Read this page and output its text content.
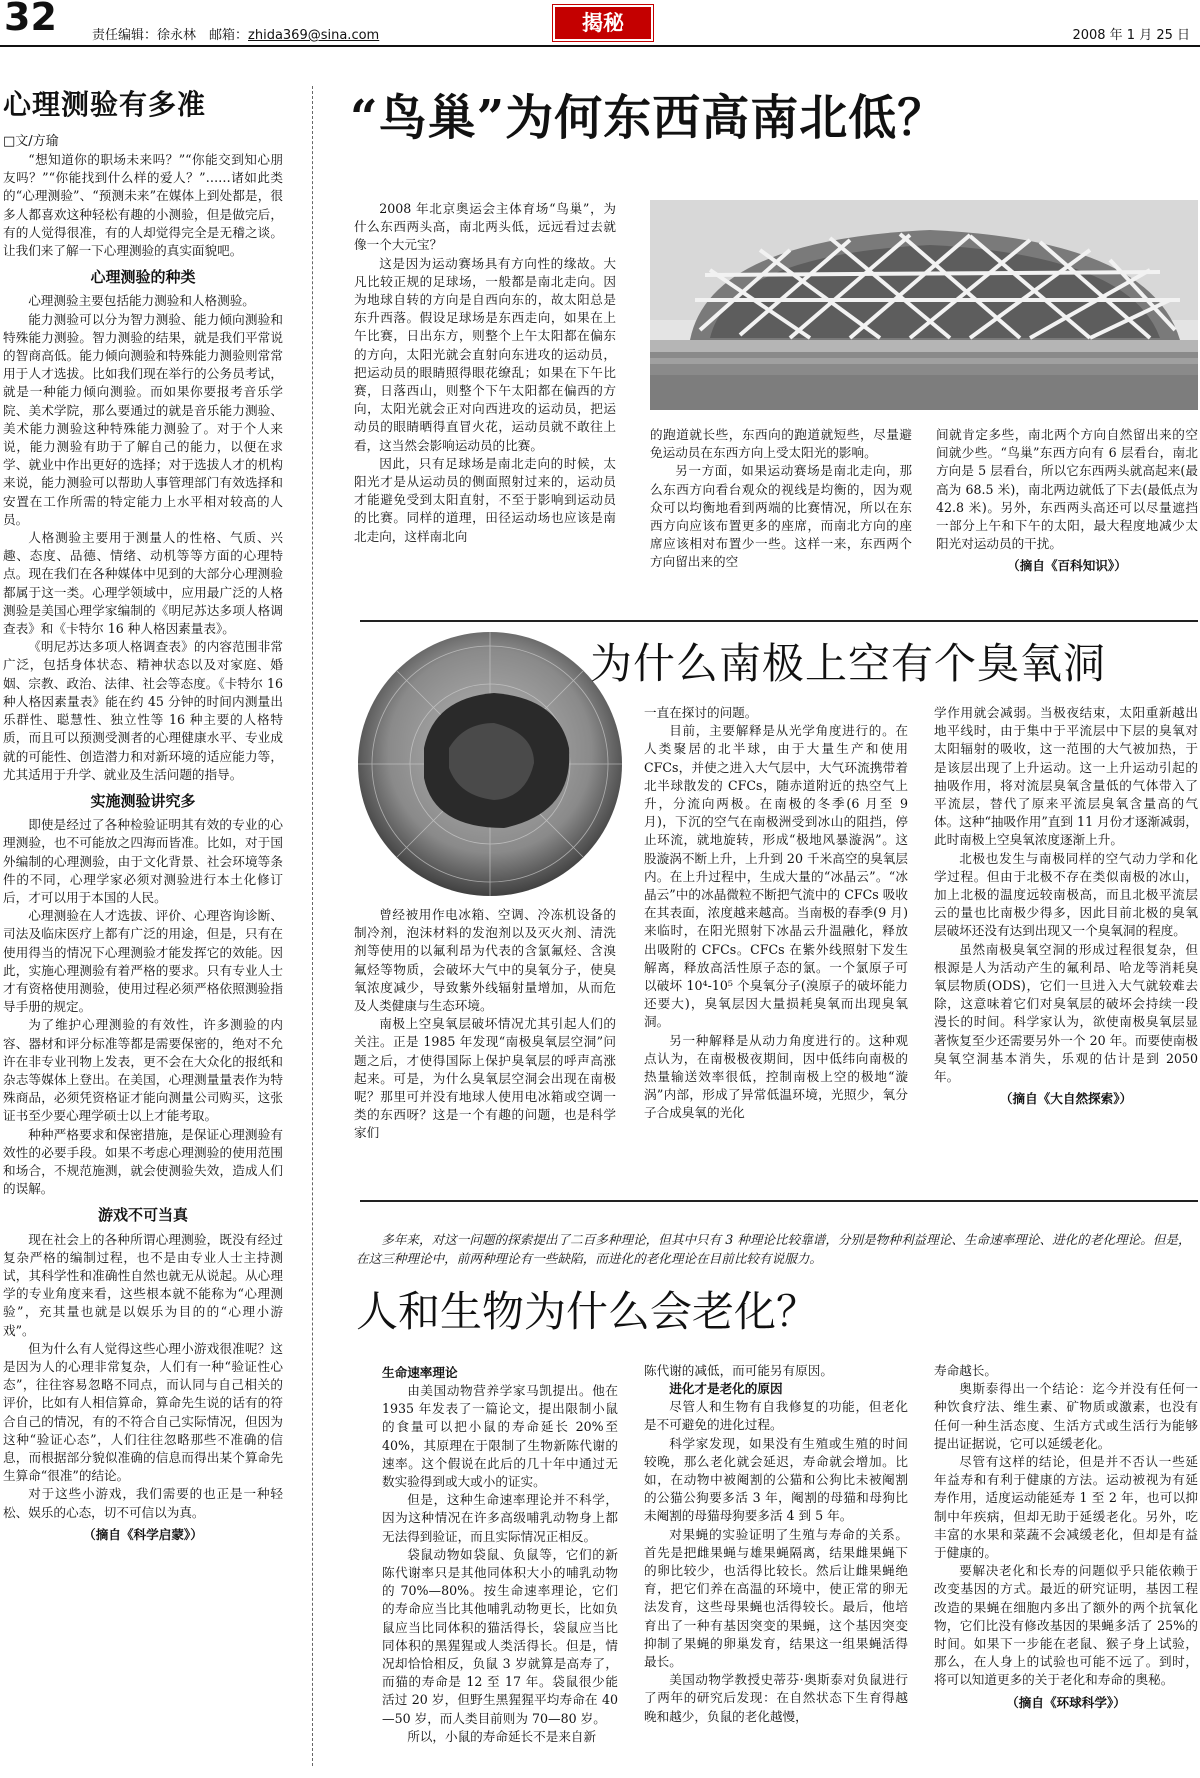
32	责任编辑：徐永林　邮箱：zhida369@sina.com
揭秘
2008 年 1 月 25 日
心理测验有多准
□文/方瑜

“想知道你的职场未来吗？”“你能交到知心朋友吗？”“你能找到什么样的爱人？”……诸如此类的“心理测验”、“预测未来”在媒体上到处都是，很多人都喜欢这种轻松有趣的小测验，但是做完后，有的人觉得很准，有的人却觉得完全是无稽之谈。让我们来了解一下心理测验的真实面貌吧。

心理测验的种类

心理测验主要包括能力测验和人格测验。

能力测验可以分为智力测验、能力倾向测验和特殊能力测验。智力测验的结果，就是我们平常说的智商高低。能力倾向测验和特殊能力测验则常常用于人才选拔。比如我们现在举行的公务员考试，就是一种能力倾向测验。而如果你要报考音乐学院、美术学院，那么要通过的就是音乐能力测验、美术能力测验这种特殊能力测验了。对于个人来说，能力测验有助于了解自己的能力，以便在求学、就业中作出更好的选择；对于选拔人才的机构来说，能力测验可以帮助人事管理部门有效选择和安置在工作所需的特定能力上水平相对较高的人员。

人格测验主要用于测量人的性格、气质、兴趣、态度、品德、情绪、动机等等方面的心理特点。现在我们在各种媒体中见到的大部分心理测验都属于这一类。心理学领域中，应用最广泛的人格测验是美国心理学家编制的《明尼苏达多项人格调查表》和《卡特尔 16 种人格因素量表》。

《明尼苏达多项人格调查表》的内容范围非常广泛，包括身体状态、精神状态以及对家庭、婚姻、宗教、政治、法律、社会等态度。《卡特尔 16 种人格因素量表》能在约 45 分钟的时间内测量出乐群性、聪慧性、独立性等 16 种主要的人格特质，而且可以预测受测者的心理健康水平、专业成就的可能性、创造潜力和对新环境的适应能力等，尤其适用于升学、就业及生活问题的指导。

实施测验讲究多

即使是经过了各种检验证明其有效的专业的心理测验，也不可能放之四海而皆准。比如，对于国外编制的心理测验，由于文化背景、社会环境等条件的不同，心理学家必须对测验进行本土化修订后，才可以用于本国的人民。

心理测验在人才选拔、评价、心理咨询诊断、司法及临床医疗上都有广泛的用途，但是，只有在使用得当的情况下心理测验才能发挥它的效能。因此，实施心理测验有着严格的要求。只有专业人士才有资格使用测验，使用过程必须严格依照测验指导手册的规定。

为了维护心理测验的有效性，许多测验的内容、器材和评分标准等都是需要保密的，绝对不允许在非专业刊物上发表，更不会在大众化的报纸和杂志等媒体上登出。在美国，心理测量量表作为特殊商品，必须凭资格证才能向测量公司购买，这张证书至少要心理学硕士以上才能考取。

种种严格要求和保密措施，是保证心理测验有效性的必要手段。如果不考虑心理测验的使用范围和场合，不规范施测，就会使测验失效，造成人们的误解。

游戏不可当真

现在社会上的各种所谓心理测验，既没有经过复杂严格的编制过程，也不是由专业人士主持测试，其科学性和准确性自然也就无从说起。从心理学的专业角度来看，这些根本就不能称为“心理测验”，充其量也就是以娱乐为目的的“心理小游戏”。

但为什么有人觉得这些心理小游戏很准呢？这是因为人的心理非常复杂，人们有一种“验证性心态”，往往容易忽略不同点，而认同与自己相关的评价，比如有人相信算命，算命先生说的话有的符合自己的情况，有的不符合自己实际情况，但因为这种“验证心态”，人们往往忽略那些不准确的信息，而根据部分貌似准确的信息而得出某个算命先生算命“很准”的结论。

对于这些小游戏，我们需要的也正是一种轻松、娱乐的心态，切不可信以为真。

（摘自《科学启蒙》）
“鸟巢”为何东西高南北低？

2008 年北京奥运会主体育场“鸟巢”，为什么东西两头高，南北两头低，远远看过去就像一个大元宝？

这是因为运动赛场具有方向性的缘故。大凡比较正规的足球场，一般都是南北走向。因为地球自转的方向是自西向东的，故太阳总是东升西落。假设足球场是东西走向，如果在上午比赛，日出东方，则整个上午太阳都在偏东的方向，太阳光就会直射向东进攻的运动员，把运动员的眼睛照得眼花缭乱；如果在下午比赛，日落西山，则整个下午太阳都在偏西的方向，太阳光就会正对向西进攻的运动员，把运动员的眼睛晒得直冒火花，运动员就不敢往上看，这当然会影响运动员的比赛。

因此，只有足球场是南北走向的时候，太阳光才是从运动员的侧面照射过来的，运动员才能避免受到太阳直射，不至于影响到运动员的比赛。同样的道理，田径运动场也应该是南北走向，这样南北向

的跑道就长些，东西向的跑道就短些，尽量避免运动员在东西方向上受太阳光的影响。

另一方面，如果运动赛场是南北走向，那么东西方向看台观众的视线是均衡的，因为观众可以均衡地看到两端的比赛情况，所以在东西方向应该布置更多的座席，而南北方向的座席应该相对布置少一些。这样一来，东西两个方向留出来的空

间就肯定多些，南北两个方向自然留出来的空间就少些。“鸟巢”东西方向有 6 层看台，南北方向是 5 层看台，所以它东西两头就高起来(最高为 68.5 米)，南北两边就低了下去(最低点为 42.8 米)。另外，东西两头高还可以尽量遮挡一部分上午和下午的太阳，最大程度地减少太阳光对运动员的干扰。

（摘自《百科知识》）
为什么南极上空有个臭氧洞

曾经被用作电冰箱、空调、冷冻机设备的制冷剂，泡沫材料的发泡剂以及灭火剂、清洗剂等使用的以氟利昂为代表的含氯氟烃、含溴氟烃等物质，会破坏大气中的臭氧分子，使臭氧浓度减少，导致紫外线辐射量增加，从而危及人类健康与生态环境。

南极上空臭氧层破坏情况尤其引起人们的关注。正是 1985 年发现“南极臭氧层空洞”问题之后，才使得国际上保护臭氧层的呼声高涨起来。可是，为什么臭氧层空洞会出现在南极呢？那里可并没有地球人使用电冰箱或空调一类的东西呀？这是一个有趣的问题，也是科学家们

一直在探讨的问题。

目前，主要解释是从光学角度进行的。在人类聚居的北半球，由于大量生产和使用 CFCs，并使之进入大气层中，大气环流携带着北半球散发的 CFCs，随赤道附近的热空气上升，分流向两极。在南极的冬季(6 月至 9 月)，下沉的空气在南极洲受到冰山的阻挡，停止环流，就地旋转，形成“极地风暴漩涡”。这股漩涡不断上升，上升到 20 千米高空的臭氧层内。在上升过程中，生成大量的“冰晶云”。“冰晶云”中的冰晶微粒不断把气流中的 CFCs 吸收在其表面，浓度越来越高。当南极的春季(9 月)来临时，在阳光照射下冰晶云升温融化，释放出吸附的 CFCs。CFCs 在紫外线照射下发生解离，释放高活性原子态的氯。一个氯原子可以破坏 10⁴-10⁵ 个臭氧分子(溴原子的破坏能力还要大)，臭氧层因大量损耗臭氧而出现臭氧洞。

另一种解释是从动力角度进行的。这种观点认为，在南极极夜期间，因中低纬向南极的热量输送效率很低，控制南极上空的极地“漩涡”内部，形成了异常低温环境，光照少，氧分子合成臭氧的光化

学作用就会减弱。当极夜结束，太阳重新越出地平线时，由于集中于平流层中下层的臭氧对太阳辐射的吸收，这一范围的大气被加热，于是该层出现了上升运动。这一上升运动引起的抽吸作用，将对流层臭氧含量低的气体带入了平流层，替代了原来平流层臭氧含量高的气体。这种“抽吸作用”直到 11 月份才逐渐减弱，此时南极上空臭氧浓度逐渐上升。

北极也发生与南极同样的空气动力学和化学过程。但由于北极不存在类似南极的冰山，加上北极的温度远较南极高，而且北极平流层云的量也比南极少得多，因此目前北极的臭氧层破坏还没有达到出现又一个臭氧洞的程度。

虽然南极臭氧空洞的形成过程很复杂，但根源是人为活动产生的氟利昂、哈龙等消耗臭氧层物质(ODS)，它们一旦进入大气就较难去除，这意味着它们对臭氧层的破坏会持续一段漫长的时间。科学家认为，欲使南极臭氧层显著恢复至少还需要另外一个 20 年。而要使南极臭氧空洞基本消失，乐观的估计是到 2050 年。

（摘自《大自然探索》）
多年来，对这一问题的探索提出了二百多种理论，但其中只有 3 种理论比较靠谱，分别是物种利益理论、生命速率理论、进化的老化理论。但是，在这三种理论中，前两种理论有一些缺陷，而进化的老化理论在目前比较有说服力。
人和生物为什么会老化？
生命速率理论

由美国动物营养学家马凯提出。他在 1935 年发表了一篇论文，提出限制小鼠的食量可以把小鼠的寿命延长 20%至 40%，其原理在于限制了生物新陈代谢的速率。这个假说在此后的几十年中通过无数实验得到或大或小的证实。

但是，这种生命速率理论并不科学，因为这种情况在许多高级哺乳动物身上都无法得到验证，而且实际情况正相反。

袋鼠动物如袋鼠、负鼠等，它们的新陈代谢率只是其他同体积大小的哺乳动物的 70%—80%。按生命速率理论，它们的寿命应当比其他哺乳动物更长，比如负鼠应当比同体积的猫活得长，袋鼠应当比同体积的黑猩猩或人类活得长。但是，情况却恰恰相反，负鼠 3 岁就算是高寿了，而猫的寿命是 12 至 17 年。袋鼠很少能活过 20 岁，但野生黑猩猩平均寿命在 40—50 岁，而人类目前则为 70—80 岁。

所以，小鼠的寿命延长不是来自新

陈代谢的减低，而可能另有原因。

进化才是老化的原因

尽管人和生物有自我修复的功能，但老化是不可避免的进化过程。

科学家发现，如果没有生殖或生殖的时间较晚，那么老化就会延迟，寿命就会增加。比如，在动物中被阉割的公猫和公狗比未被阉割的公猫公狗要多活 3 年，阉割的母猫和母狗比未阉割的母猫母狗要多活 4 到 5 年。

对果蝇的实验证明了生殖与寿命的关系。首先是把雌果蝇与雄果蝇隔离，结果雌果蝇下的卵比较少，也活得比较长。然后让雌果蝇绝育，把它们养在高温的环境中，使正常的卵无法发育，这些母果蝇也活得较长。最后，他培育出了一种有基因突变的果蝇，这个基因突变抑制了果蝇的卵巢发育，结果这一组果蝇活得最长。

美国动物学教授史蒂芬·奥斯泰对负鼠进行了两年的研究后发现：在自然状态下生育得越晚和越少，负鼠的老化越慢，

寿命越长。

奥斯泰得出一个结论：迄今并没有任何一种饮食疗法、维生素、矿物质或激素，也没有任何一种生活态度、生活方式或生活行为能够提出证据说，它可以延缓老化。

尽管有这样的结论，但是并不否认一些延年益寿和有利于健康的方法。运动被视为有延寿作用，适度运动能延寿 1 至 2 年，也可以抑制中年疾病，但却无助于延缓老化。另外，吃丰富的水果和菜蔬不会减缓老化，但却是有益于健康的。

要解决老化和长寿的问题似乎只能依赖于改变基因的方式。最近的研究证明，基因工程改造的果蝇在细胞内多出了额外的两个抗氧化物，它们比没有修改基因的果蝇多活了 25%的时间。如果下一步能在老鼠、猴子身上试验，那么，在人身上的试验也可能不远了。到时，将可以知道更多的关于老化和寿命的奥秘。

（摘自《环球科学》）
